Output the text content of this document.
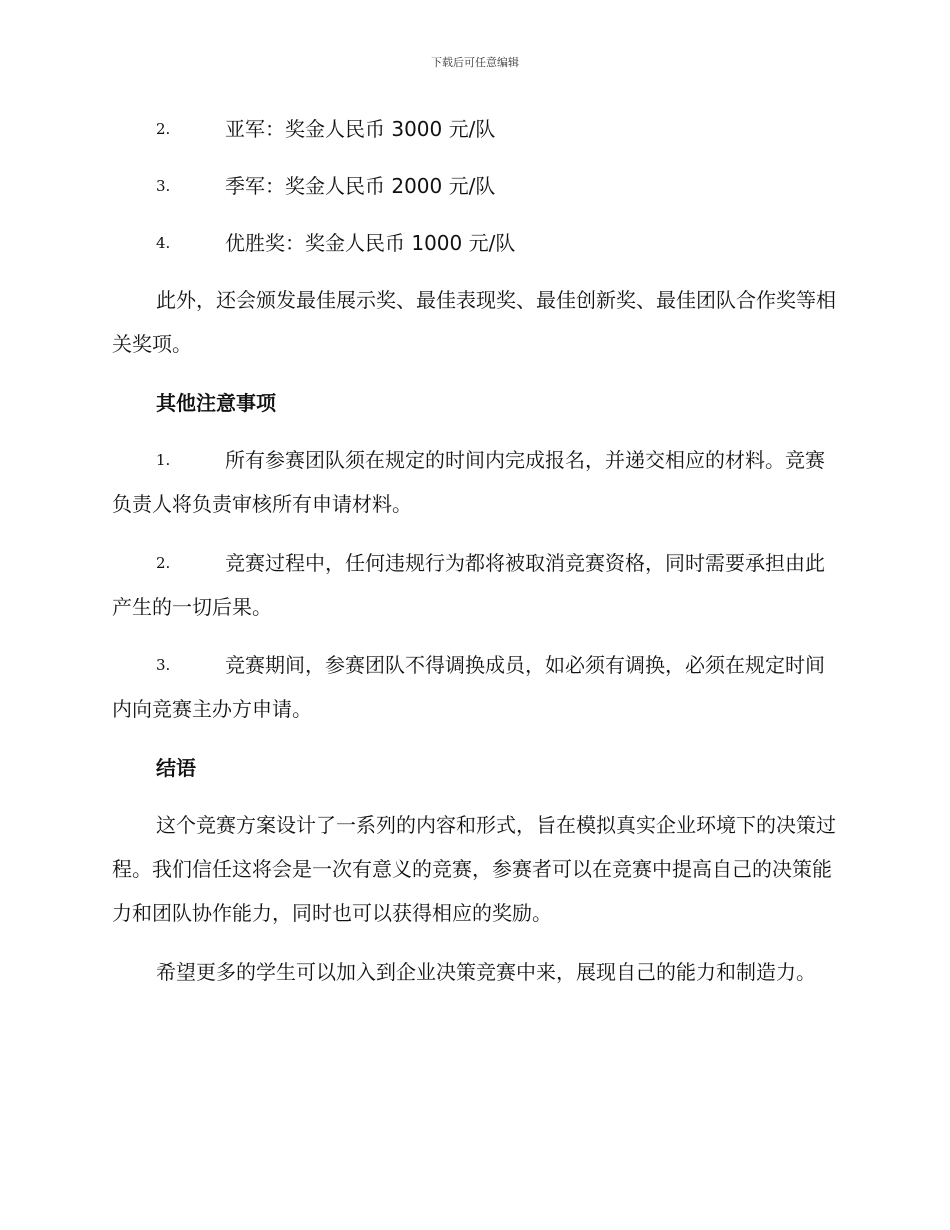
下载后可任意编辑
2.	亚军：奖金人民币 3000 元/队
3.	季军：奖金人民币 2000 元/队
4.	优胜奖：奖金人民币 1000 元/队
此外，还会颁发最佳展示奖、最佳表现奖、最佳创新奖、最佳团队合作奖等相关奖项。
其他注意事项
1.	所有参赛团队须在规定的时间内完成报名，并递交相应的材料。竞赛负责人将负责审核所有申请材料。
2.	竞赛过程中，任何违规行为都将被取消竞赛资格，同时需要承担由此产生的一切后果。
3.	竞赛期间，参赛团队不得调换成员，如必须有调换，必须在规定时间内向竞赛主办方申请。
结语
这个竞赛方案设计了一系列的内容和形式，旨在模拟真实企业环境下的决策过程。我们信任这将会是一次有意义的竞赛，参赛者可以在竞赛中提高自己的决策能力和团队协作能力，同时也可以获得相应的奖励。
希望更多的学生可以加入到企业决策竞赛中来，展现自己的能力和制造力。
